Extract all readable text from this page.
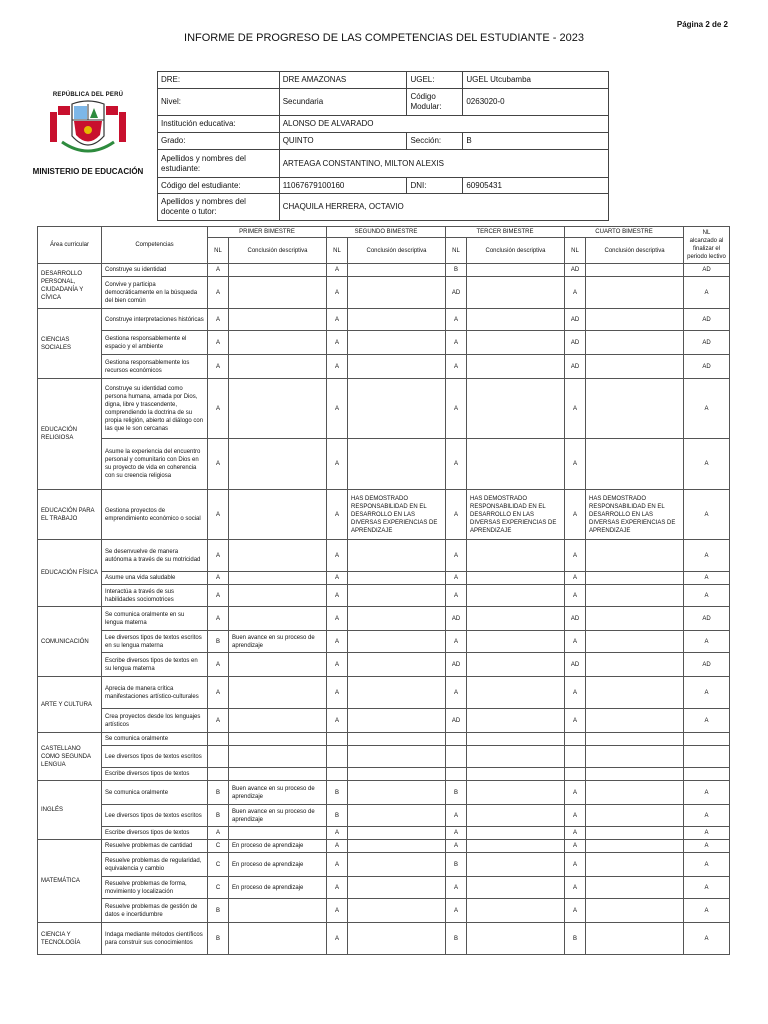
Página 2 de 2
INFORME DE PROGRESO DE LAS COMPETENCIAS DEL ESTUDIANTE - 2023
REPÚBLICA DEL PERÚ
MINISTERIO DE EDUCACIÓN
DRE:	DRE AMAZONAS	UGEL:	UGEL Utcubamba
Nivel:	Secundaria	Código Modular:	0263020-0
Institución educativa:	ALONSO DE ALVARADO		
Grado:	QUINTO	Sección:	B
Apellidos y nombres del estudiante:	ARTEAGA CONSTANTINO, MILTON ALEXIS		
Código del estudiante:	11067679100160	DNI:	60905431
Apellidos y nombres del docente o tutor:	CHAQUILA HERRERA, OCTAVIO		
Área curricular	Competencias	PRIMER BIMESTRE		SEGUNDO BIMESTRE		TERCER BIMESTRE		CUARTO BIMESTRE		NL
alcanzado al finalizar el periodo lectivo

		NL	Conclusión descriptiva	NL	Conclusión descriptiva	NL	Conclusión descriptiva	NL	Conclusión descriptiva	
DESARROLLO PERSONAL, CIUDADANÍA Y CÍVICA	Construye su identidad	A		A		B		AD		AD
	Convive y participa democráticamente en la búsqueda del bien común	A		A		AD		A		A
CIENCIAS SOCIALES	Construye interpretaciones históricas	A		A		A		AD		AD
	Gestiona responsablemente el espacio y el ambiente	A		A		A		AD		AD
	Gestiona responsablemente los recursos económicos	A		A		A		AD		AD
EDUCACIÓN RELIGIOSA	Construye su identidad como persona humana, amada por Dios, digna, libre y trascendente, comprendiendo la doctrina de su propia religión, abierto al diálogo con las que le son cercanas	A		A		A		A		A
	Asume la experiencia del encuentro personal y comunitario con Dios en su proyecto de vida en coherencia con su creencia religiosa	A		A		A		A		A
EDUCACIÓN PARA EL TRABAJO	Gestiona proyectos de emprendimiento económico o social	A		A	HAS DEMOSTRADO RESPONSABILIDAD EN EL DESARROLLO EN LAS DIVERSAS EXPERIENCIAS DE APRENDIZAJE	A	HAS DEMOSTRADO RESPONSABILIDAD EN EL DESARROLLO EN LAS DIVERSAS EXPERIENCIAS DE APRENDIZAJE	A	HAS DEMOSTRADO RESPONSABILIDAD EN EL DESARROLLO EN LAS DIVERSAS EXPERIENCIAS DE APRENDIZAJE	A
EDUCACIÓN FÍSICA	Se desenvuelve de manera autónoma a través de su motricidad	A		A		A		A		A
	Asume una vida saludable	A		A		A		A		A
	Interactúa a través de sus habilidades sociomotrices	A		A		A		A		A
COMUNICACIÓN	Se comunica oralmente en su lengua materna	A		A		AD		AD		AD
	Lee diversos tipos de textos escritos en su lengua materna	B	Buen avance en su proceso de aprendizaje	A		A		A		A
	Escribe diversos tipos de textos en su lengua materna	A		A		AD		AD		AD
ARTE Y CULTURA	Aprecia de manera crítica manifestaciones artístico-culturales	A		A		A		A		A
	Crea proyectos desde los lenguajes artísticos	A		A		AD		A		A
CASTELLANO COMO SEGUNDA LENGUA	Se comunica oralmente									
	Lee diversos tipos de textos escritos									
	Escribe diversos tipos de textos									
INGLÉS	Se comunica oralmente	B	Buen avance en su proceso de aprendizaje	B		B		A		A
	Lee diversos tipos de textos escritos	B	Buen avance en su proceso de aprendizaje	B		A		A		A
	Escribe diversos tipos de textos	A		A		A		A		A
MATEMÁTICA	Resuelve problemas de cantidad	C	En proceso de aprendizaje	A		A		A		A
	Resuelve problemas de regularidad, equivalencia y cambio	C	En proceso de aprendizaje	A		B		A		A
	Resuelve problemas de forma, movimiento y localización	C	En proceso de aprendizaje	A		A		A		A
	Resuelve problemas de gestión de datos e incertidumbre	B		A		A		A		A
CIENCIA Y TECNOLOGÍA	Indaga mediante métodos científicos para construir sus conocimientos	B		A		B		B		A
